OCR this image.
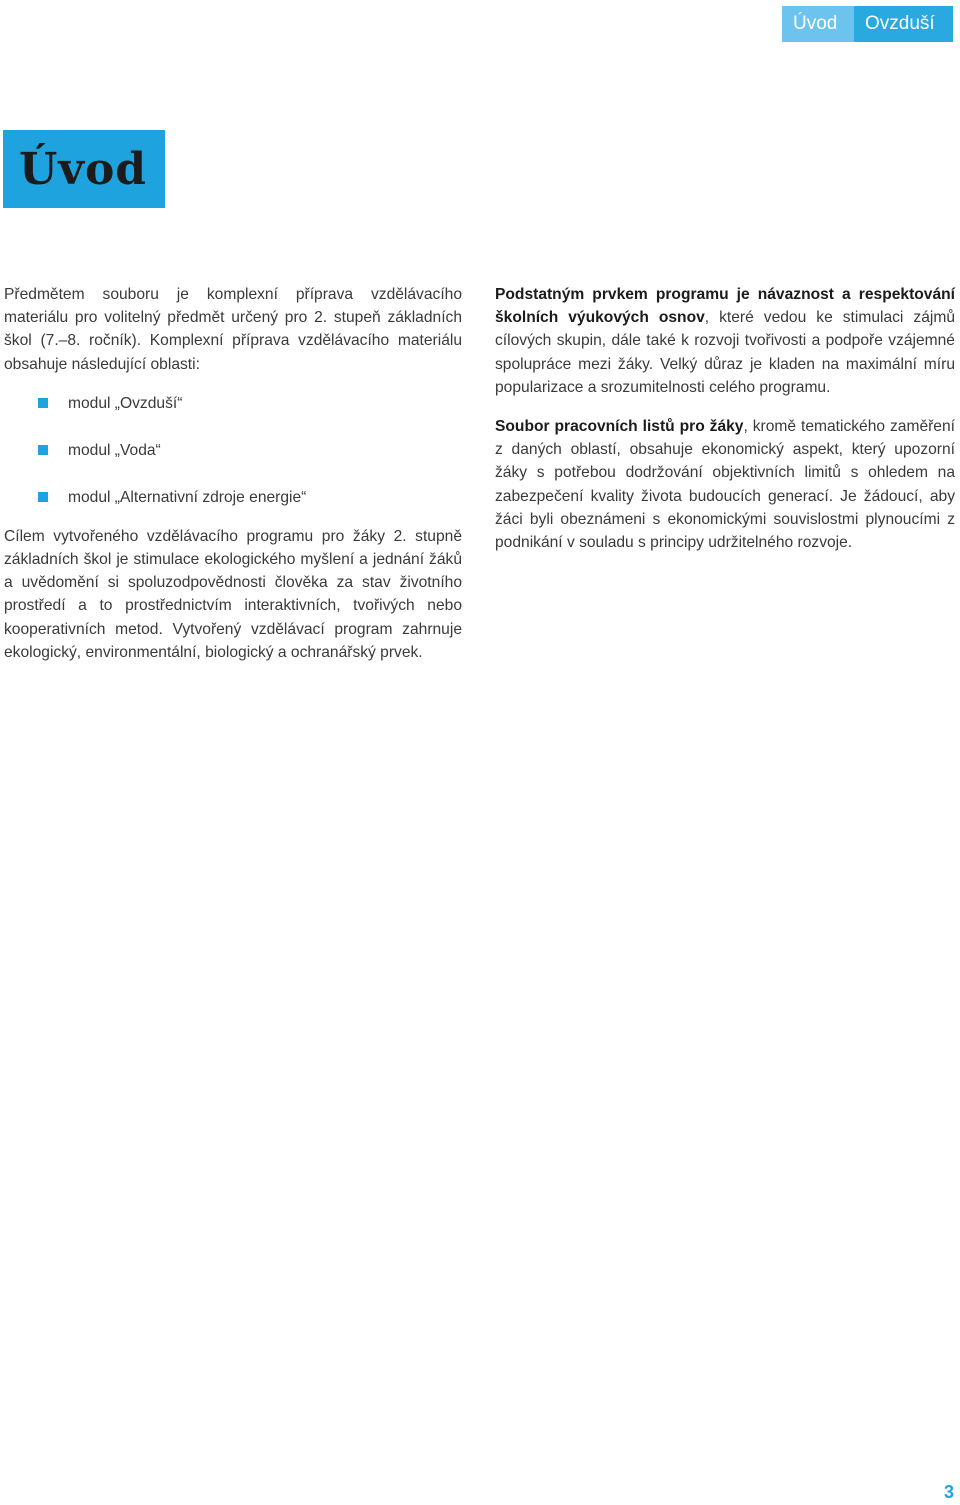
Úvod	Ovzduší
Úvod

Předmětem souboru je komplexní příprava vzdělávacího materiálu pro volitelný předmět určený pro 2. stupeň základních škol (7.–8. ročník). Komplexní příprava vzdělávacího materiálu obsahuje následující oblasti:

modul „Ovzduší“
modul „Voda“
modul „Alternativní zdroje energie“

Cílem vytvořeného vzdělávacího programu pro žáky 2. stupně základních škol je stimulace ekologického myšlení a jednání žáků a uvědomění si spoluzodpovědnosti člověka za stav životního prostředí a to prostřednictvím interaktivních, tvořivých nebo kooperativních metod. Vytvořený vzdělávací program zahrnuje ekologický, environmentální, biologický a ochranářský prvek.

Podstatným prvkem programu je návaznost a respektování školních výukových osnov, které vedou ke stimulaci zájmů cílových skupin, dále také k rozvoji tvořivosti a podpoře vzájemné spolupráce mezi žáky. Velký důraz je kladen na maximální míru popularizace a srozumitelnosti celého programu.

Soubor pracovních listů pro žáky, kromě tematického zaměření z daných oblastí, obsahuje ekonomický aspekt, který upozorní žáky s potřebou dodržování objektivních limitů s ohledem na zabezpečení kvality života budoucích generací. Je žádoucí, aby žáci byli obeznámeni s ekonomickými souvislostmi plynoucími z podnikání v souladu s principy udržitelného rozvoje.

3
